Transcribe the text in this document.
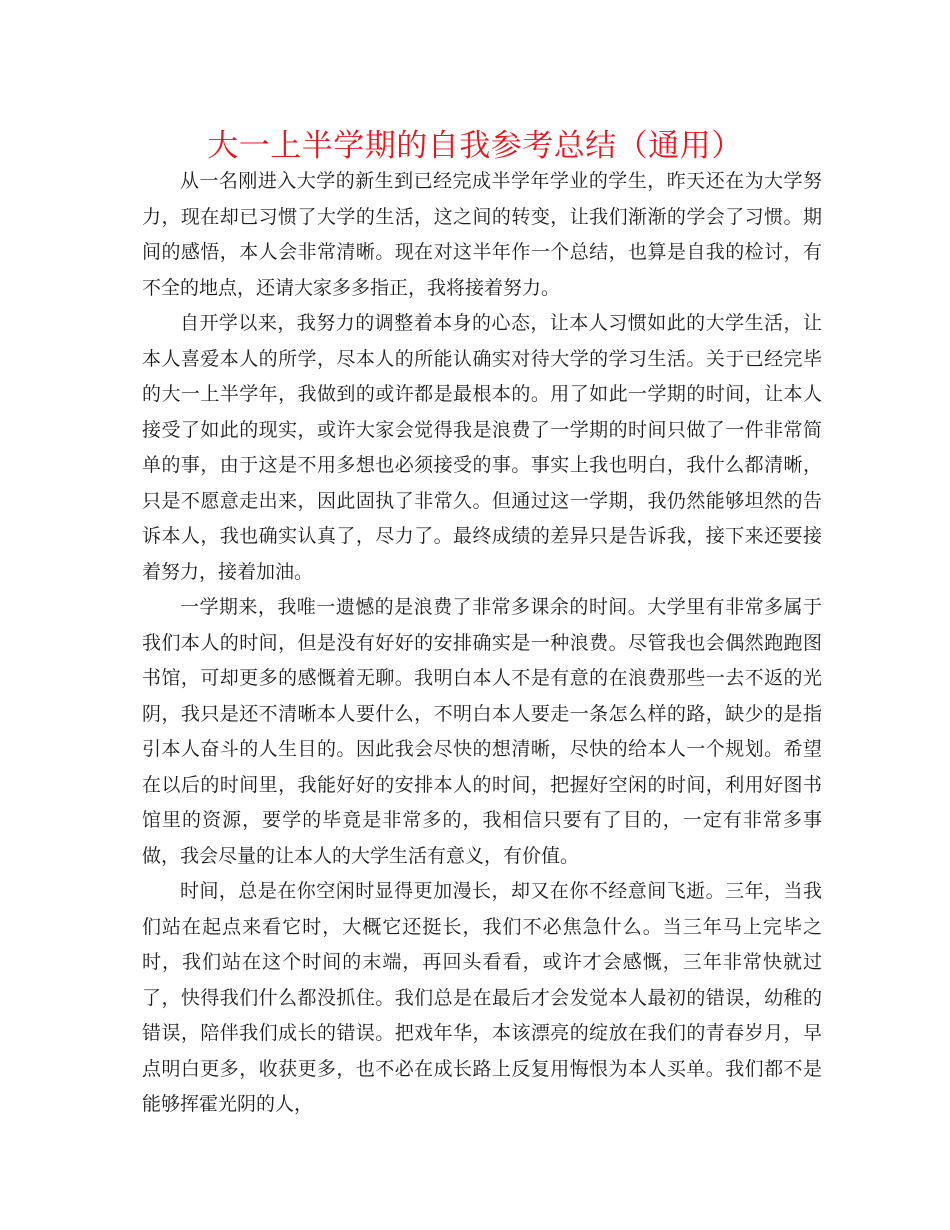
大一上半学期的自我参考总结（通用）

从一名刚进入大学的新生到已经完成半学年学业的学生，昨天还在为大学努力，现在却已习惯了大学的生活，这之间的转变，让我们渐渐的学会了习惯。期间的感悟，本人会非常清晰。现在对这半年作一个总结，也算是自我的检讨，有不全的地点，还请大家多多指正，我将接着努力。

自开学以来，我努力的调整着本身的心态，让本人习惯如此的大学生活，让本人喜爱本人的所学，尽本人的所能认确实对待大学的学习生活。关于已经完毕的大一上半学年，我做到的或许都是最根本的。用了如此一学期的时间，让本人接受了如此的现实，或许大家会觉得我是浪费了一学期的时间只做了一件非常简单的事，由于这是不用多想也必须接受的事。事实上我也明白，我什么都清晰，只是不愿意走出来，因此固执了非常久。但通过这一学期，我仍然能够坦然的告诉本人，我也确实认真了，尽力了。最终成绩的差异只是告诉我，接下来还要接着努力，接着加油。

一学期来，我唯一遗憾的是浪费了非常多课余的时间。大学里有非常多属于我们本人的时间，但是没有好好的安排确实是一种浪费。尽管我也会偶然跑跑图书馆，可却更多的感慨着无聊。我明白本人不是有意的在浪费那些一去不返的光阴，我只是还不清晰本人要什么，不明白本人要走一条怎么样的路，缺少的是指引本人奋斗的人生目的。因此我会尽快的想清晰，尽快的给本人一个规划。希望在以后的时间里，我能好好的安排本人的时间，把握好空闲的时间，利用好图书馆里的资源，要学的毕竟是非常多的，我相信只要有了目的，一定有非常多事做，我会尽量的让本人的大学生活有意义，有价值。

时间，总是在你空闲时显得更加漫长，却又在你不经意间飞逝。三年，当我们站在起点来看它时，大概它还挺长，我们不必焦急什么。当三年马上完毕之时，我们站在这个时间的末端，再回头看看，或许才会感慨，三年非常快就过了，快得我们什么都没抓住。我们总是在最后才会发觉本人最初的错误，幼稚的错误，陪伴我们成长的错误。把戏年华，本该漂亮的绽放在我们的青春岁月，早点明白更多，收获更多，也不必在成长路上反复用悔恨为本人买单。我们都不是能够挥霍光阴的人，
